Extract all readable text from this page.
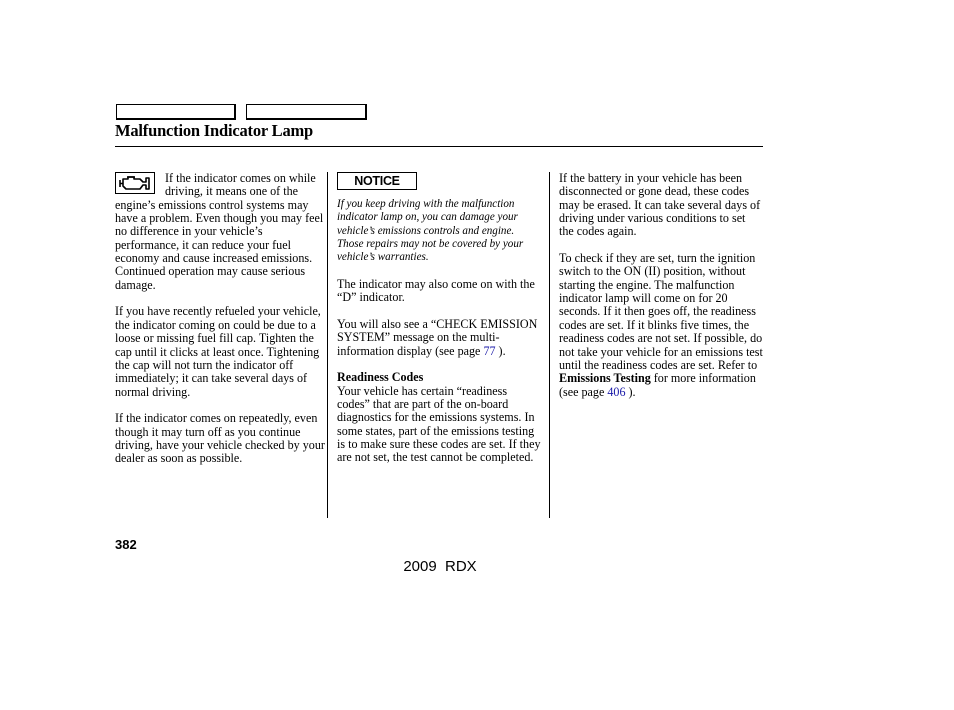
Malfunction Indicator Lamp

If the indicator comes on while driving, it means one of the engine’s emissions control systems may have a problem. Even though you may feel no difference in your vehicle’s performance, it can reduce your fuel economy and cause increased emissions. Continued operation may cause serious damage.

If you have recently refueled your vehicle, the indicator coming on could be due to a loose or missing fuel fill cap. Tighten the cap until it clicks at least once. Tightening the cap will not turn the indicator off immediately; it can take several days of normal driving.

If the indicator comes on repeatedly, even though it may turn off as you continue driving, have your vehicle checked by your dealer as soon as possible.

NOTICE

If you keep driving with the malfunction indicator lamp on, you can damage your vehicle’s emissions controls and engine. Those repairs may not be covered by your vehicle’s warranties.

The indicator may also come on with the “D” indicator.

You will also see a “CHECK EMISSION SYSTEM” message on the multi-information display (see page 77 ).

Readiness Codes

Your vehicle has certain “readiness codes” that are part of the on-board diagnostics for the emissions systems. In some states, part of the emissions testing is to make sure these codes are set. If they are not set, the test cannot be completed.

If the battery in your vehicle has been disconnected or gone dead, these codes may be erased. It can take several days of driving under various conditions to set the codes again.

To check if they are set, turn the ignition switch to the ON (II) position, without starting the engine. The malfunction indicator lamp will come on for 20 seconds. If it then goes off, the readiness codes are set. If it blinks five times, the readiness codes are not set. If possible, do not take your vehicle for an emissions test until the readiness codes are set. Refer to Emissions Testing for more information (see page 406 ).

382
2009  RDX
